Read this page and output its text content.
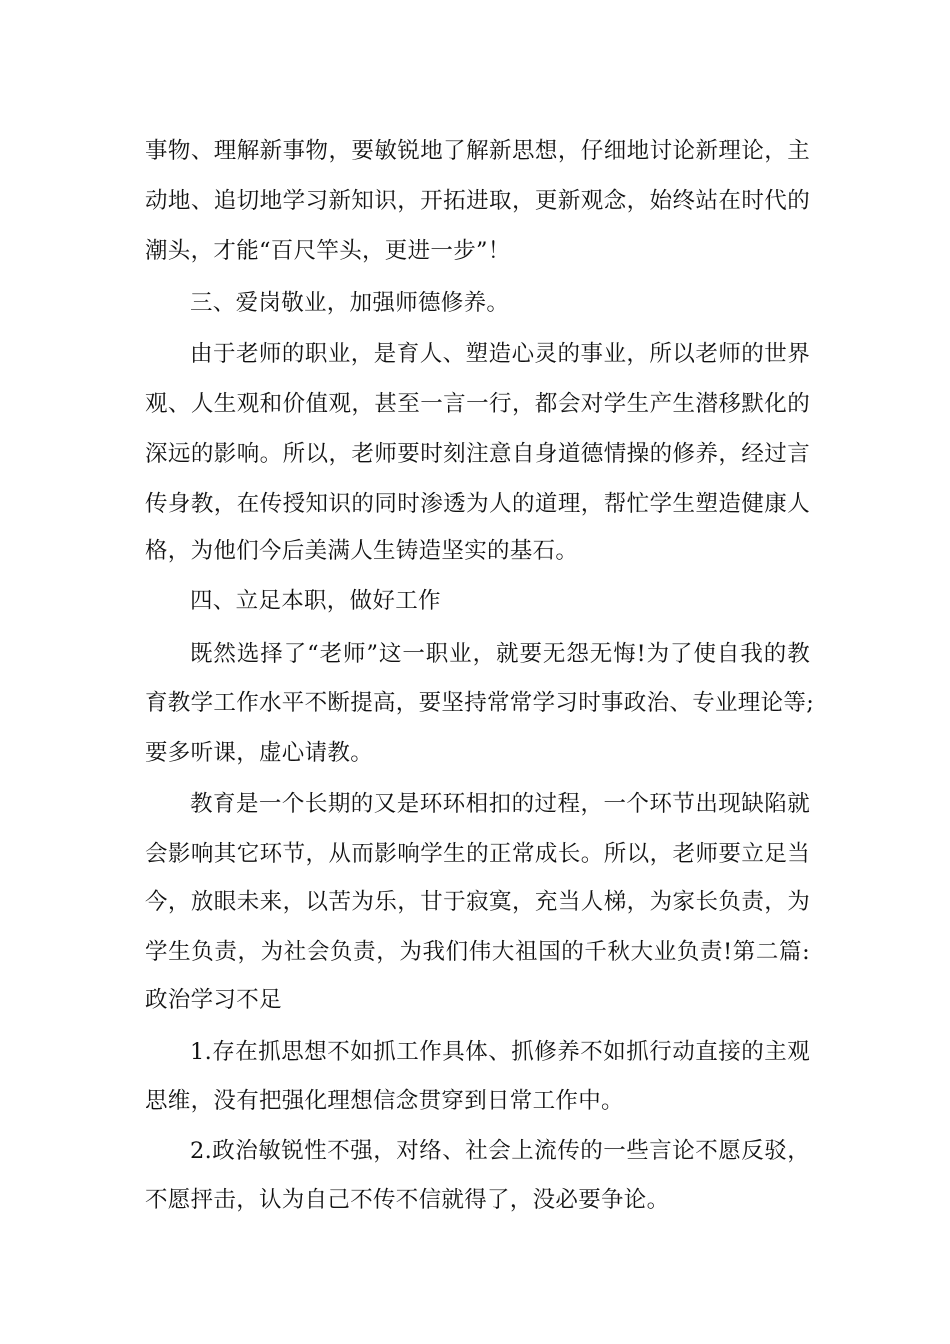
事物、理解新事物，要敏锐地了解新思想，仔细地讨论新理论，主
动地、追切地学习新知识，开拓进取，更新观念，始终站在时代的
潮头，才能“百尺竿头，更进一步”！
三、爱岗敬业，加强师德修养。
由于老师的职业，是育人、塑造心灵的事业，所以老师的世界
观、人生观和价值观，甚至一言一行，都会对学生产生潜移默化的
深远的影响。所以，老师要时刻注意自身道德情操的修养，经过言
传身教，在传授知识的同时渗透为人的道理，帮忙学生塑造健康人
格，为他们今后美满人生铸造坚实的基石。
四、立足本职，做好工作
既然选择了“老师”这一职业，就要无怨无悔!为了使自我的教
育教学工作水平不断提高，要坚持常常学习时事政治、专业理论等;
要多听课，虚心请教。
教育是一个长期的又是环环相扣的过程，一个环节出现缺陷就
会影响其它环节，从而影响学生的正常成长。所以，老师要立足当
今，放眼未来，以苦为乐，甘于寂寞，充当人梯，为家长负责，为
学生负责，为社会负责，为我们伟大祖国的千秋大业负责!第二篇:
政治学习不足
1.存在抓思想不如抓工作具体、抓修养不如抓行动直接的主观
思维，没有把强化理想信念贯穿到日常工作中。
2.政治敏锐性不强，对络、社会上流传的一些言论不愿反驳，
不愿抨击，认为自己不传不信就得了，没必要争论。
